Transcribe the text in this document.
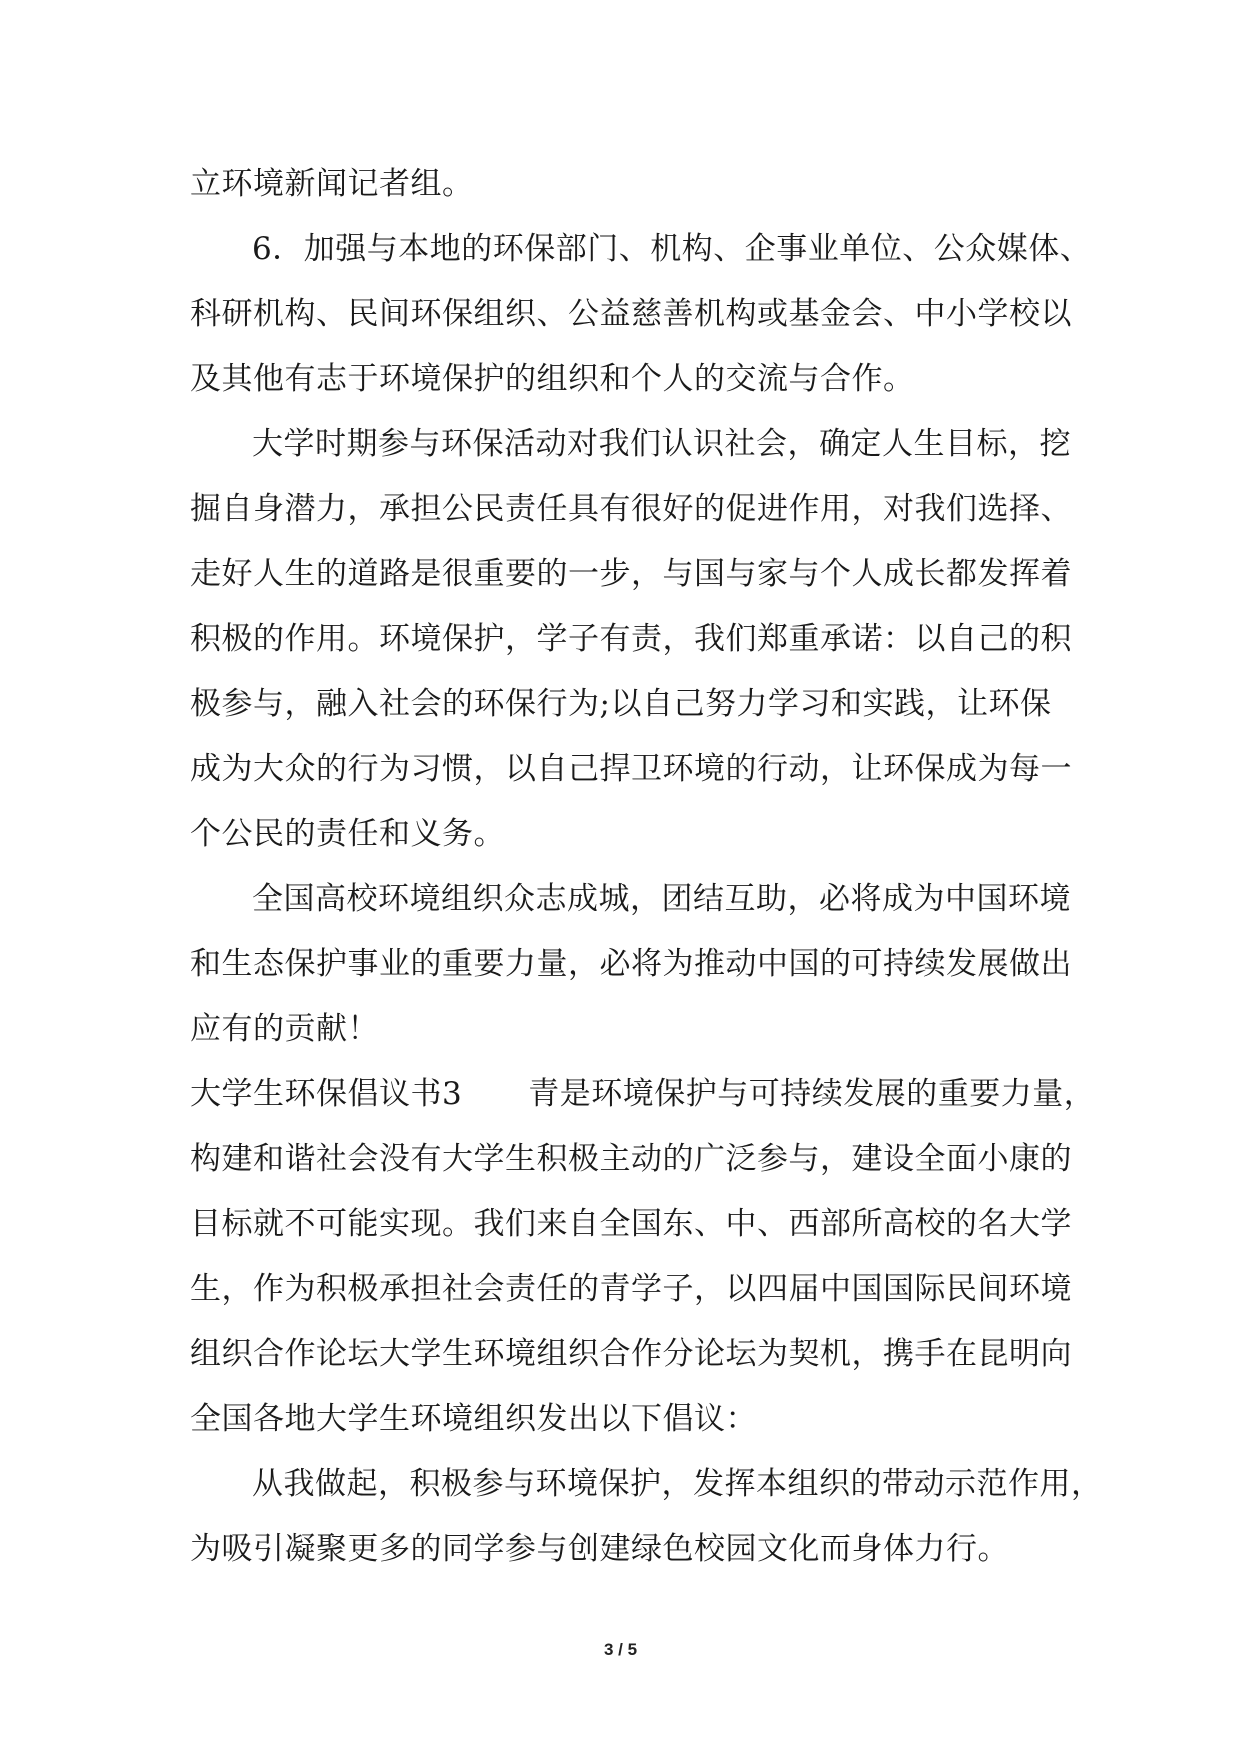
立环境新闻记者组。
6．加强与本地的环保部门、机构、企事业单位、公众媒体、
科研机构、民间环保组织、公益慈善机构或基金会、中小学校以
及其他有志于环境保护的组织和个人的交流与合作。
大学时期参与环保活动对我们认识社会，确定人生目标，挖
掘自身潜力，承担公民责任具有很好的促进作用，对我们选择、
走好人生的道路是很重要的一步，与国与家与个人成长都发挥着
积极的作用。环境保护，学子有责，我们郑重承诺：以自己的积
极参与，融入社会的环保行为;以自己努力学习和实践，让环保
成为大众的行为习惯，以自己捍卫环境的行动，让环保成为每一
个公民的责任和义务。
全国高校环境组织众志成城，团结互助，必将成为中国环境
和生态保护事业的重要力量，必将为推动中国的可持续发展做出
应有的贡献！
大学生环保倡议书3 青是环境保护与可持续发展的重要力量，
构建和谐社会没有大学生积极主动的广泛参与，建设全面小康的
目标就不可能实现。我们来自全国东、中、西部所高校的名大学
生，作为积极承担社会责任的青学子，以四届中国国际民间环境
组织合作论坛大学生环境组织合作分论坛为契机，携手在昆明向
全国各地大学生环境组织发出以下倡议：
从我做起，积极参与环境保护，发挥本组织的带动示范作用，
为吸引凝聚更多的同学参与创建绿色校园文化而身体力行。
3 / 5
